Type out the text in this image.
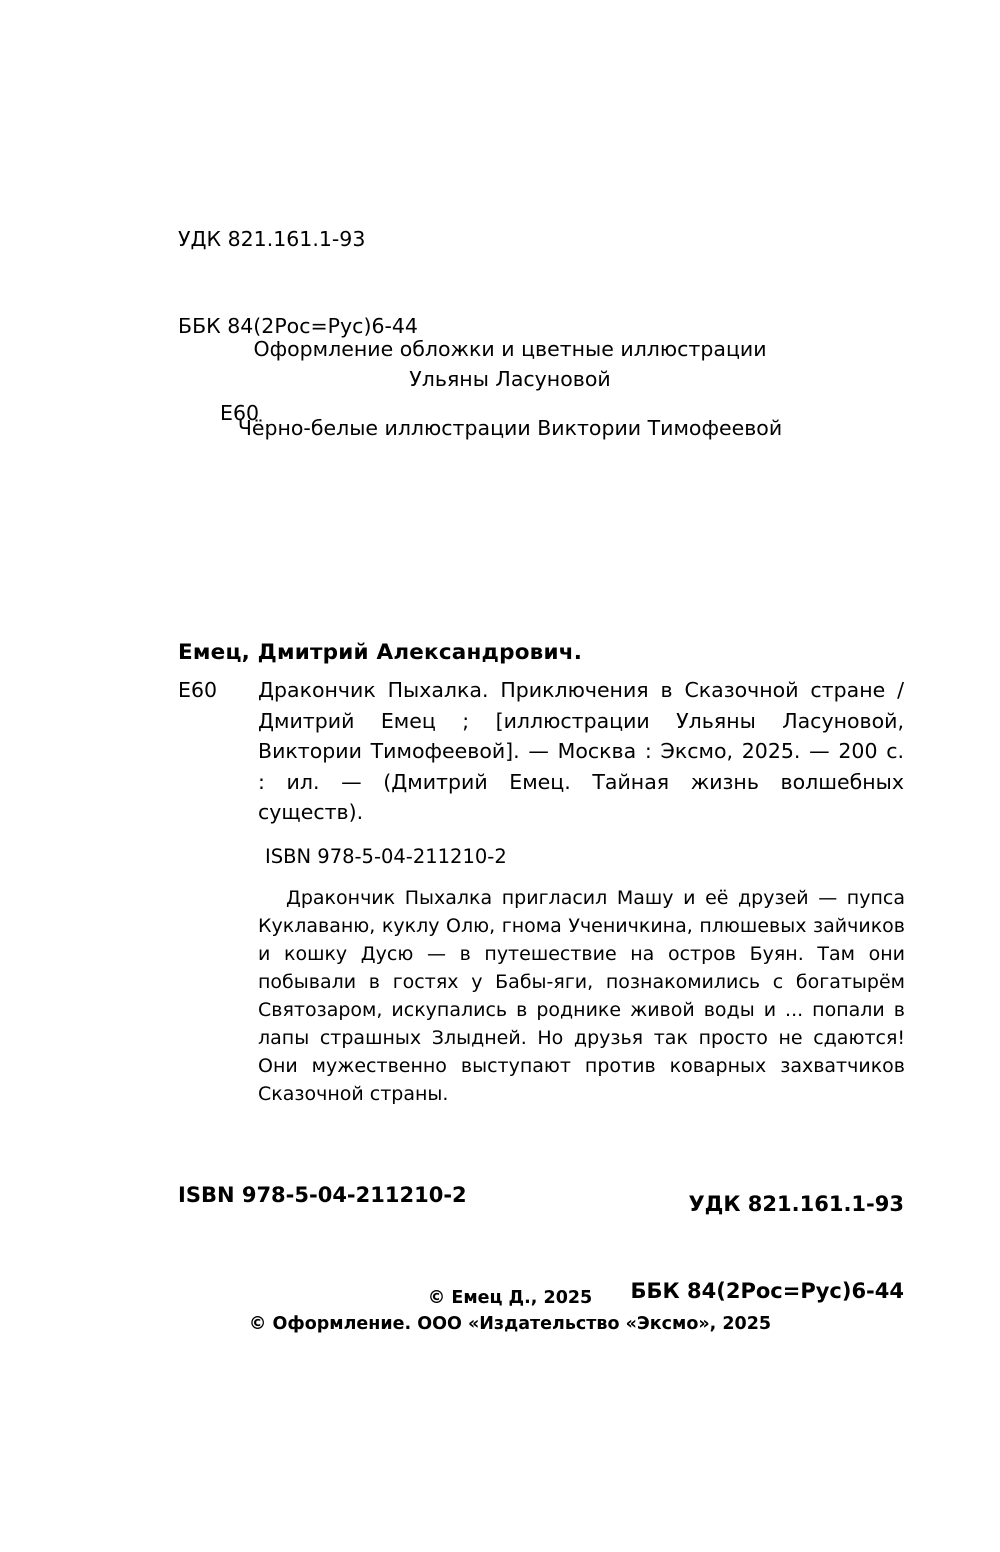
УДК 821.161.1-93

ББК 84(2Рос=Рус)6-44

Е60

Оформление обложки и цветные иллюстрации
Ульяны Ласуновой
Чёрно-белые иллюстрации Виктории Тимофеевой
Емец, Дмитрий Александрович.
Е60 Дракончик Пыхалка. Приключения в Сказочной стране / Дмитрий Емец ; [иллюстрации Ульяны Ласуновой, Виктории Тимофеевой]. — Москва : Эксмо, 2025. — 200 с. : ил. — (Дмитрий Емец. Тайная жизнь волшебных существ).
ISBN 978-5-04-211210-2
Дракончик Пыхалка пригласил Машу и её друзей — пупса Куклаваню, куклу Олю, гнома Ученичкина, плюшевых зайчиков и кошку Дусю — в путешествие на остров Буян. Там они побывали в гостях у Бабы-яги, познакомились с богатырём Святозаром, искупались в роднике живой воды и ... попали в лапы страшных Злыдней. Но друзья так просто не сдаются! Они мужественно выступают против коварных захватчиков Сказочной страны.

УДК 821.161.1-93

ББК 84(2Рос=Рус)6-44

ISBN 978-5-04-211210-2
© Емец Д., 2025
© Оформление. ООО «Издательство «Эксмо», 2025
